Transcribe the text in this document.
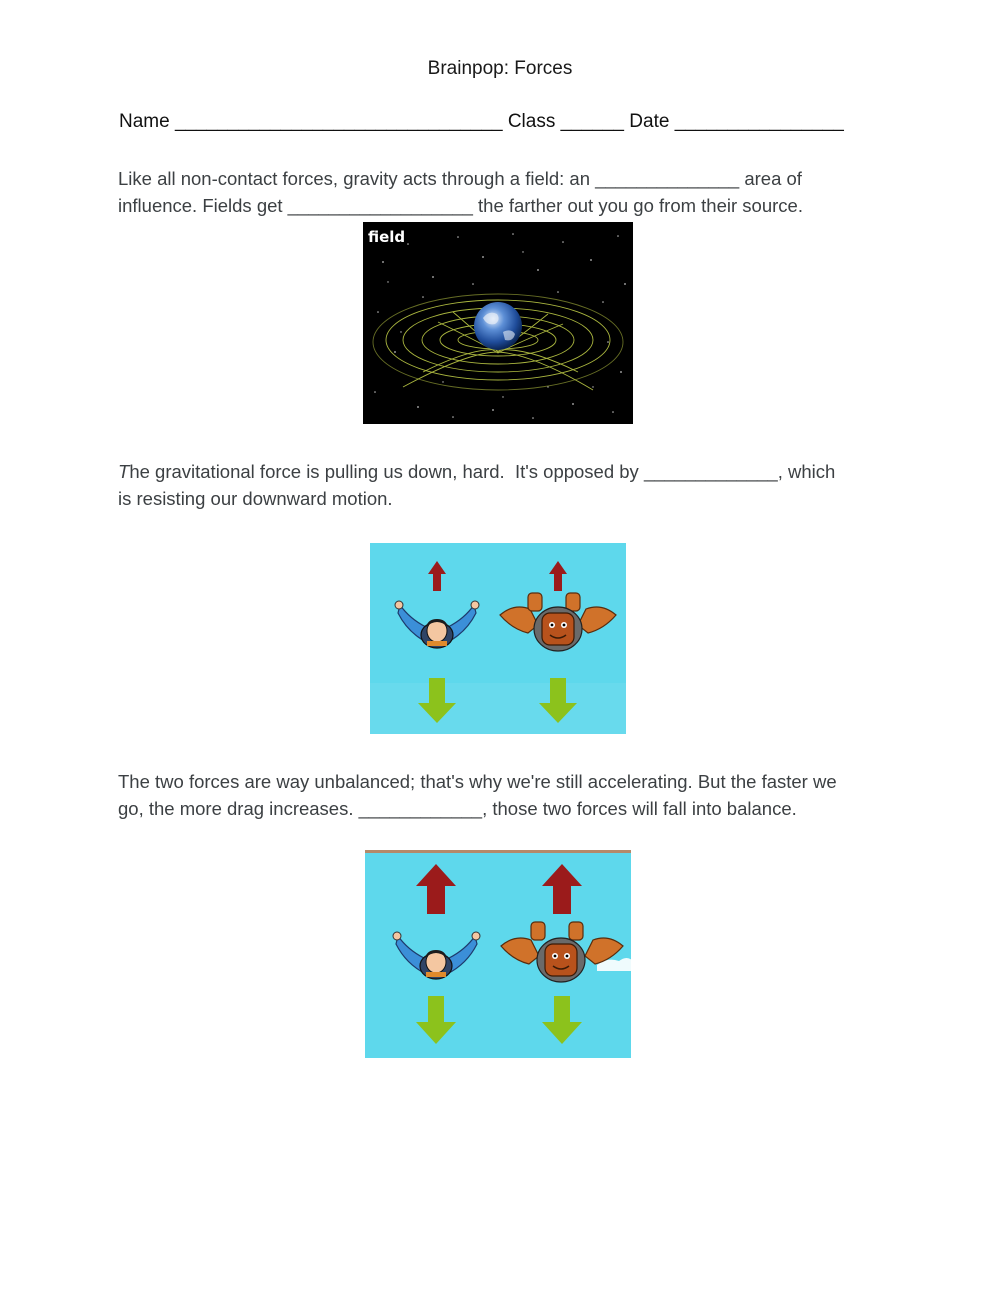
Brainpop: Forces
Name _______________________________ Class ______ Date ________________
Like all non-contact forces, gravity acts through a field: an ______________ area of
influence. Fields get __________________ the farther out you go from their source.
field
The gravitational force is pulling us down, hard.  It's opposed by _____________, which
is resisting our downward motion.
The two forces are way unbalanced; that's why we're still accelerating. But the faster we
go, the more drag increases. ____________, those two forces will fall into balance.
